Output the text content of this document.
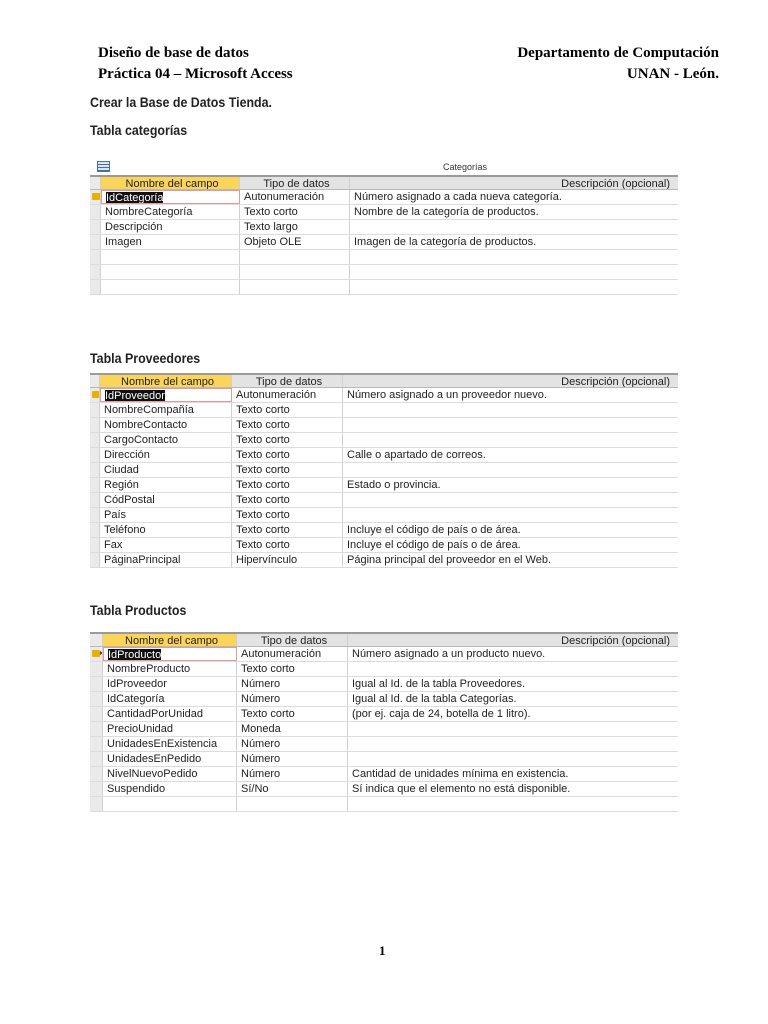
Diseño de base de datos
Práctica 04 – Microsoft Access
Departamento de Computación
UNAN - León.
Crear la Base de Datos Tienda.
Tabla categorías
Categorías
Nombre del campo	Tipo de datos	Descripción (opcional)
IdCategoría	Autonumeración	Número asignado a cada nueva categoría.
NombreCategoría	Texto corto	Nombre de la categoría de productos.
Descripción	Texto largo
Imagen	Objeto OLE	Imagen de la categoría de productos.
Tabla Proveedores
Nombre del campo	Tipo de datos	Descripción (opcional)
IdProveedor	Autonumeración	Número asignado a un proveedor nuevo.
NombreCompañía	Texto corto
NombreContacto	Texto corto
CargoContacto	Texto corto
Dirección	Texto corto	Calle o apartado de correos.
Ciudad	Texto corto
Región	Texto corto	Estado o provincia.
CódPostal	Texto corto
País	Texto corto
Teléfono	Texto corto	Incluye el código de país o de área.
Fax	Texto corto	Incluye el código de país o de área.
PáginaPrincipal	Hipervínculo	Página principal del proveedor en el Web.
Tabla Productos
Nombre del campo	Tipo de datos	Descripción (opcional)
IdProducto	Autonumeración	Número asignado a un producto nuevo.
NombreProducto	Texto corto
IdProveedor	Número	Igual al Id. de la tabla Proveedores.
IdCategoría	Número	Igual al Id. de la tabla Categorías.
CantidadPorUnidad	Texto corto	(por ej. caja de 24, botella de 1 litro).
PrecioUnidad	Moneda
UnidadesEnExistencia	Número
UnidadesEnPedido	Número
NivelNuevoPedido	Número	Cantidad de unidades mínima en existencia.
Suspendido	Sí/No	Sí indica que el elemento no está disponible.
1
